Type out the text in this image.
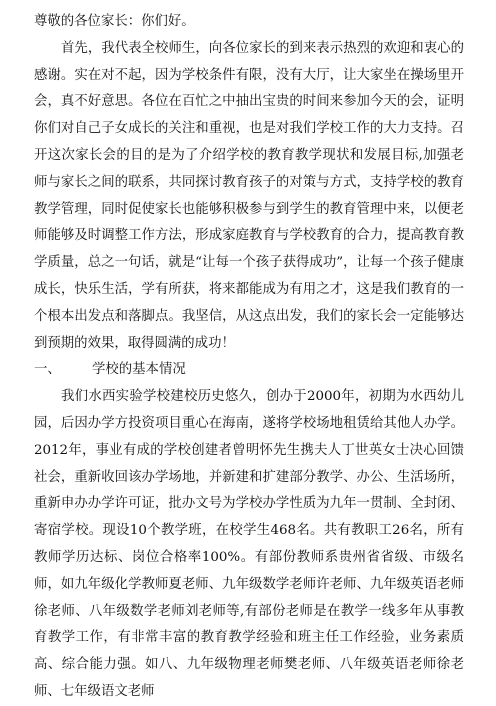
尊敬的各位家长：你们好。

首先，我代表全校师生，向各位家长的到来表示热烈的欢迎和衷心的感谢。实在对不起，因为学校条件有限，没有大厅，让大家坐在操场里开会，真不好意思。各位在百忙之中抽出宝贵的时间来参加今天的会，证明你们对自己子女成长的关注和重视，也是对我们学校工作的大力支持。召开这次家长会的目的是为了介绍学校的教育教学现状和发展目标,加强老师与家长之间的联系，共同探讨教育孩子的对策与方式，支持学校的教育教学管理，同时促使家长也能够积极参与到学生的教育管理中来，以便老师能够及时调整工作方法，形成家庭教育与学校教育的合力，提高教育教学质量，总之一句话，就是“让每一个孩子获得成功”，让每一个孩子健康成长，快乐生活，学有所获，将来都能成为有用之才，这是我们教育的一个根本出发点和落脚点。我坚信，从这点出发，我们的家长会一定能够达到预期的效果，取得圆满的成功！

一、	学校的基本情况

我们水西实验学校建校历史悠久，创办于2000年，初期为水西幼儿园，后因办学方投资项目重心在海南，遂将学校场地租赁给其他人办学。2012年，事业有成的学校创建者曾明怀先生携夫人丁世英女士决心回馈社会，重新收回该办学场地，并新建和扩建部分教学、办公、生活场所，重新申办办学许可证，批办文号为学校办学性质为九年一贯制、全封闭、寄宿学校。现设10个教学班，在校学生468名。共有教职工26名，所有教师学历达标、岗位合格率100%。有部份教师系贵州省省级、市级名师，如九年级化学教师夏老师、九年级数学老师许老师、九年级英语老师徐老师、八年级数学老师刘老师等,有部份老师是在教学一线多年从事教育教学工作，有非常丰富的教育教学经验和班主任工作经验，业务素质高、综合能力强。如八、九年级物理老师樊老师、八年级英语老师徐老师、七年级语文老师
